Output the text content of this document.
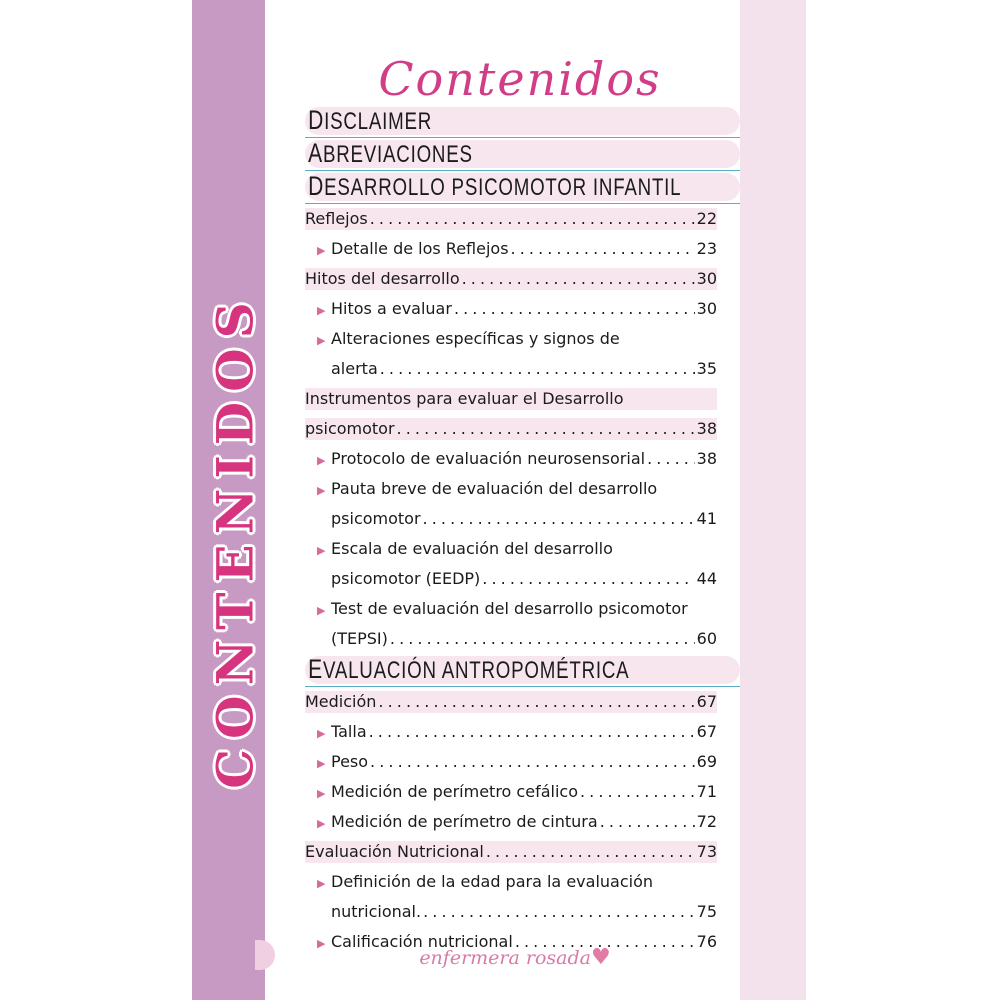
CONTENIDOS
Contenidos
DISCLAIMER
ABREVIACIONES
DESARROLLO PSICOMOTOR INFANTIL
Reflejos . . .	22
▶ Detalle de los Reflejos . . .	23
Hitos del desarrollo . . .	30
▶ Hitos a evaluar . . .	30
▶ Alteraciones específicas y signos de
alerta . . .	35
Instrumentos para evaluar el Desarrollo
psicomotor . . .	38
▶ Protocolo de evaluación neurosensorial . . .	38
▶ Pauta breve de evaluación del desarrollo
psicomotor . . .	41
▶ Escala de evaluación del desarrollo
psicomotor (EEDP) . . .	44
▶ Test de evaluación del desarrollo psicomotor
(TEPSI) . . .	60
EVALUACIÓN ANTROPOMÉTRICA
Medición . . .	67
▶ Talla . . .	67
▶ Peso . . .	69
▶ Medición de perímetro cefálico . . .	71
▶ Medición de perímetro de cintura . . .	72
Evaluación Nutricional . . .	73
▶ Definición de la edad para la evaluación
nutricional. . . .	75
▶ Calificación nutricional . . .	76
enfermera rosada♥
